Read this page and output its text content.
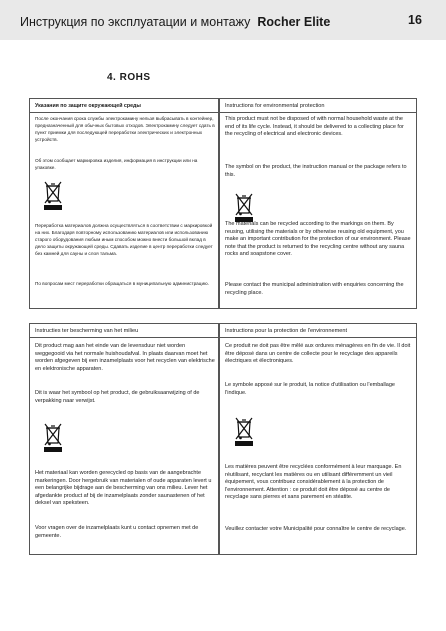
Инструкция по эксплуатации и монтажу Rocher Elite	16
4. ROHS
Указания по защите окружающей среды

После окончания срока службы электрокамину нельзя выбрасывать в контейнер, предназначенный для обычных бытовых отходов. Электрокамину следует сдать в пункт приемки для последующей переработки электрических и электронных устройств.

Об этом сообщает маркировка изделия, информация в инструкции или на упаковке.

Переработка материалов должна осуществляться в соответствии с маркировкой на них. Благодаря повторному использованию материалов или использованию старого оборудования любым иным способом можно внести большой вклад в дело защиты окружающей среды. Сдавать изделие в центр переработки следует без камней для сауны и слоя тальма.

По вопросам мест переработки обращаться в муниципальную администрацию.

Instructions for environmental protection

This product must not be disposed of with normal household waste at the end of its life cycle. Instead, it should be delivered to a collecting place for the recycling of electrical and electronic devices.

The symbol on the product, the instruction manual or the package refers to this.

The materials can be recycled according to the markings on them. By reusing, utilising the materials or by otherwise reusing old equipment, you make an important contribution for the protection of our environment. Please note that the product is returned to the recycling centre without any sauna rocks and soapstone cover.

Please contact the municipal administration with enquiries concerning the recycling place.

Instructies ter bescherming van het milieu

Dit product mag aan het einde van de levensduur niet worden weggegooid via het normale huishoudafval. In plaats daarvan moet het worden afgegeven bij een inzamelplaats voor het recyclen van elektrische en elektronische apparaten.

Dit is waar het symbool op het product, de gebruiksaanwijzing of de verpakking naar verwijst.

Het materiaal kan worden gerecycled op basis van de aangebrachte markeringen. Door hergebruik van materialen of oude apparaten levert u een belangrijke bijdrage aan de bescherming van ons milieu. Lever het afgedankte product af bij de inzamelplaats zonder saunastenen of het deksel van speksteen.

Voor vragen over de inzamelplaats kunt u contact opnemen met de gemeente.

Instructions pour la protection de l'environnement

Ce produit ne doit pas être mêlé aux ordures ménagères en fin de vie. Il doit être déposé dans un centre de collecte pour le recyclage des appareils électriques et électroniques.

Le symbole apposé sur le produit, la notice d'utilisation ou l'emballage l'indique.

Les matières peuvent être recyclées conformément à leur marquage. En réutilisant, recyclant les matières ou en utilisant différemment un vieil équipement, vous contribuez considérablement à la protection de l'environnement. Attention : ce produit doit être déposé au centre de recyclage sans pierres et sans parement en stéatite.

Veuillez contacter votre Municipalité pour connaître le centre de recyclage.
